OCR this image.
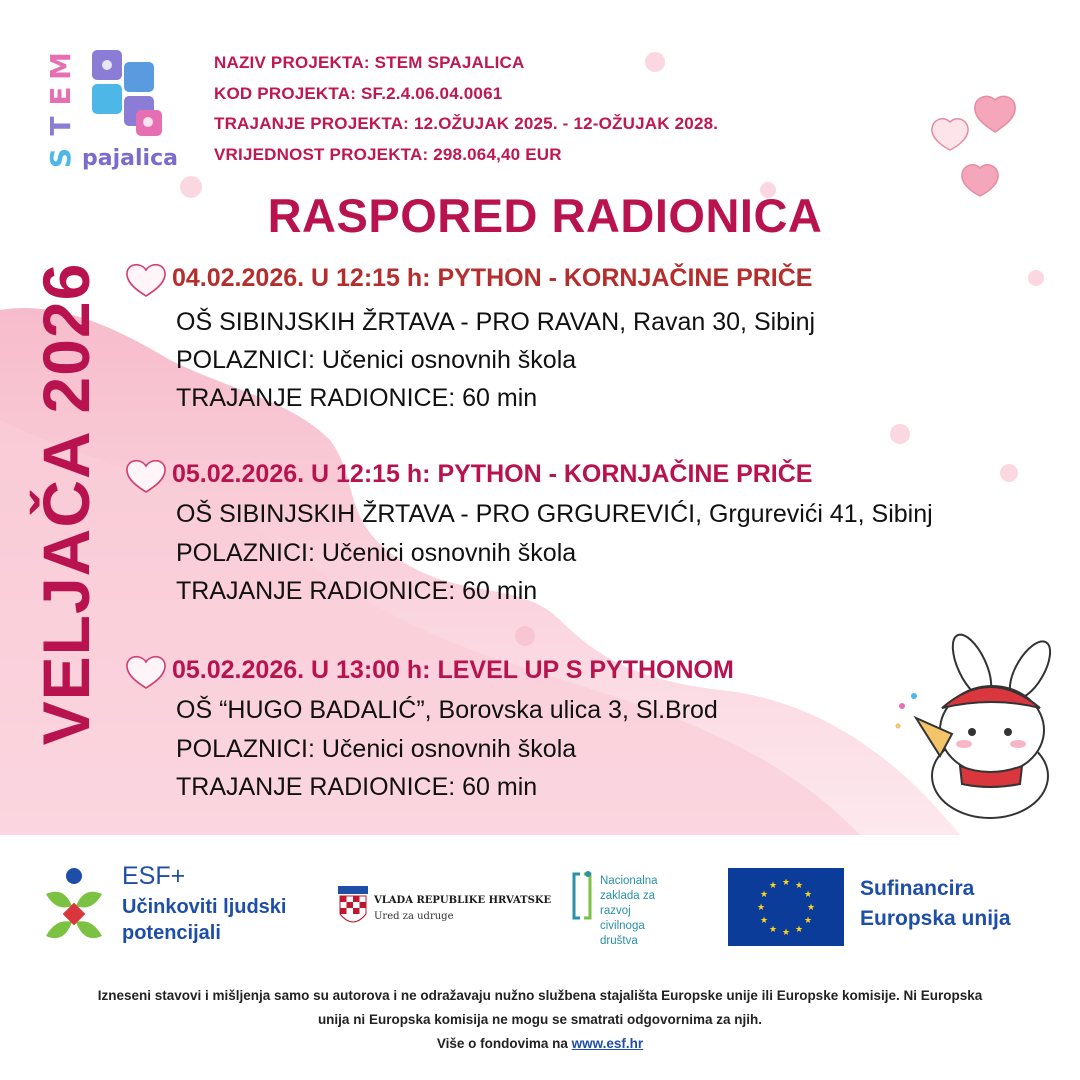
M
E
T
S pajalica
NAZIV PROJEKTA: STEM SPAJALICA
KOD PROJEKTA: SF.2.4.06.04.0061
TRAJANJE PROJEKTA: 12.OŽUJAK 2025. - 12-OŽUJAK 2028.
VRIJEDNOST PROJEKTA: 298.064,40 EUR
RASPORED RADIONICA
VELJAČA 2026	04.02.2026. U 12:15 h: PYTHON - KORNJAČINE PRIČE
OŠ SIBINJSKIH ŽRTAVA - PRO RAVAN, Ravan 30, Sibinj
POLAZNICI: Učenici osnovnih škola
TRAJANJE RADIONICE: 60 min
05.02.2026. U 12:15 h: PYTHON - KORNJAČINE PRIČE
OŠ SIBINJSKIH ŽRTAVA - PRO GRGUREVIĆI, Grgurevići 41, Sibinj
POLAZNICI: Učenici osnovnih škola
TRAJANJE RADIONICE: 60 min
05.02.2026. U 13:00 h: LEVEL UP S PYTHONOM
OŠ “HUGO BADALIĆ”, Borovska ulica 3, Sl.Brod
POLAZNICI: Učenici osnovnih škola
TRAJANJE RADIONICE: 60 min
ESF+
Učinkoviti ljudski
potencijali
VLADA REPUBLIKE HRVATSKE
Ured za udruge
Nacionalna
zaklada za
razvoj
civilnoga
društva
★ ★
★
★
★
★
★
★
★
★
★
★	Sufinancira
Europska unija
Izneseni stavovi i mišljenja samo su autorova i ne odražavaju nužno službena stajališta Europske unije ili Europske komisije. Ni Europska
unija ni Europska komisija ne mogu se smatrati odgovornima za njih.
Više o fondovima na www.esf.hr
